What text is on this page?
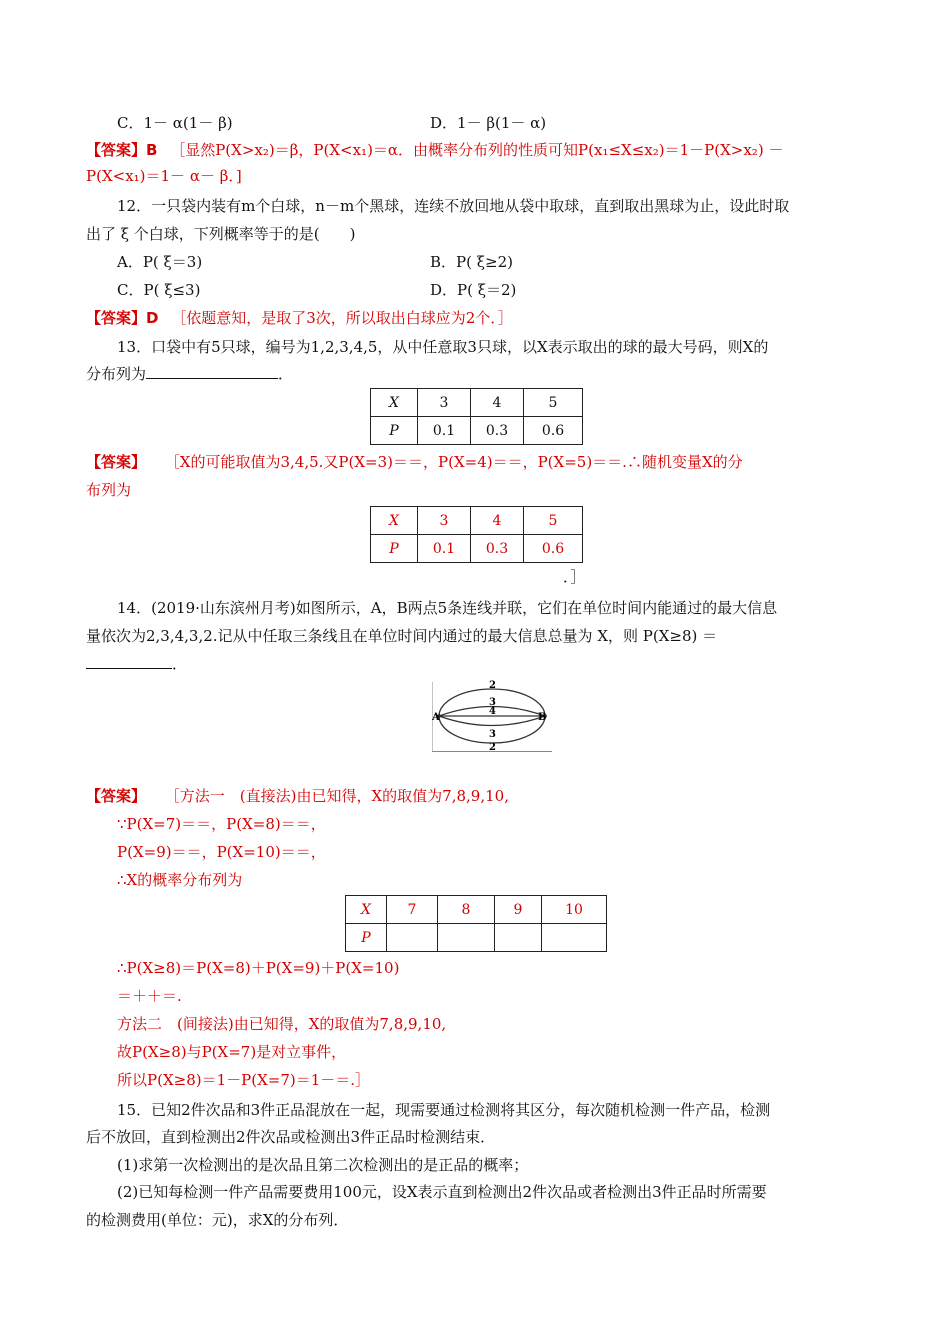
C．1－ α(1－ β)	D．1－ β(1－ α)
【答案】B ［显然P(X>x₂)＝β，P(X<x₁)＝α．由概率分布列的性质可知P(x₁≤X≤x₂)＝1－P(X>x₂) －
P(X<x₁)＝1－ α－ β．]
12．一只袋内装有m个白球，n－m个黑球，连续不放回地从袋中取球，直到取出黑球为止，设此时取
出了 ξ 个白球，下列概率等于的是(　　)
A．P( ξ＝3)	B．P( ξ≥2)
C．P( ξ≤3)	D．P( ξ＝2)
【答案】D ［依题意知，是取了3次，所以取出白球应为2个．］
13．口袋中有5只球，编号为1,2,3,4,5，从中任意取3只球，以X表示取出的球的最大号码，则X的
分布列为	．
X	3	4	5
P	0.1	0.3	0.6
【答案】 ［X的可能取值为3,4,5.又P(X=3)＝＝，P(X=4)＝＝，P(X=5)＝＝.∴随机变量X的分
布列为
X	3	4	5
P	0.1	0.3	0.6
．］
14．(2019·山东滨州月考)如图所示，A，B两点5条连线并联，它们在单位时间内能通过的最大信息
量依次为2,3,4,3,2.记从中任取三条线且在单位时间内通过的最大信息总量为 X，则 P(X≥8) ＝
．
A	B
2
3
4
3
2
【答案】 ［方法一　(直接法)由已知得，X的取值为7,8,9,10,
∵P(X=7)＝＝，P(X=8)＝＝，
P(X=9)＝＝，P(X=10)＝＝，
∴X的概率分布列为
X	7	8	9	10
P				
∴P(X≥8)＝P(X=8)＋P(X=9)＋P(X=10)
＝＋＋＝.
方法二　(间接法)由已知得，X的取值为7,8,9,10,
故P(X≥8)与P(X=7)是对立事件，
所以P(X≥8)＝1－P(X=7)＝1－＝.］
15．已知2件次品和3件正品混放在一起，现需要通过检测将其区分，每次随机检测一件产品，检测
后不放回，直到检测出2件次品或检测出3件正品时检测结束．
(1)求第一次检测出的是次品且第二次检测出的是正品的概率；
(2)已知每检测一件产品需要费用100元，设X表示直到检测出2件次品或者检测出3件正品时所需要
的检测费用(单位：元)，求X的分布列．
